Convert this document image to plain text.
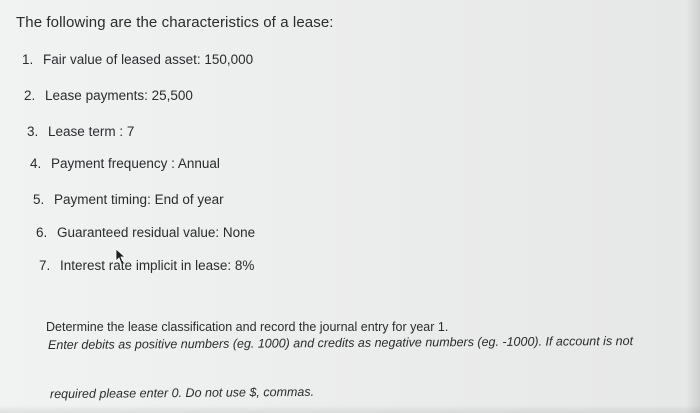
The following are the characteristics of a lease:
1. Fair value of leased asset: 150,000
2. Lease payments: 25,500
3. Lease term : 7
4. Payment frequency : Annual
5. Payment timing: End of year
6. Guaranteed residual value: None
7. Interest rate implicit in lease: 8%
Determine the lease classification and record the journal entry for year 1.
Enter debits as positive numbers (eg. 1000) and credits as negative numbers (eg. -1000). If account is not
required please enter 0. Do not use $, commas.
